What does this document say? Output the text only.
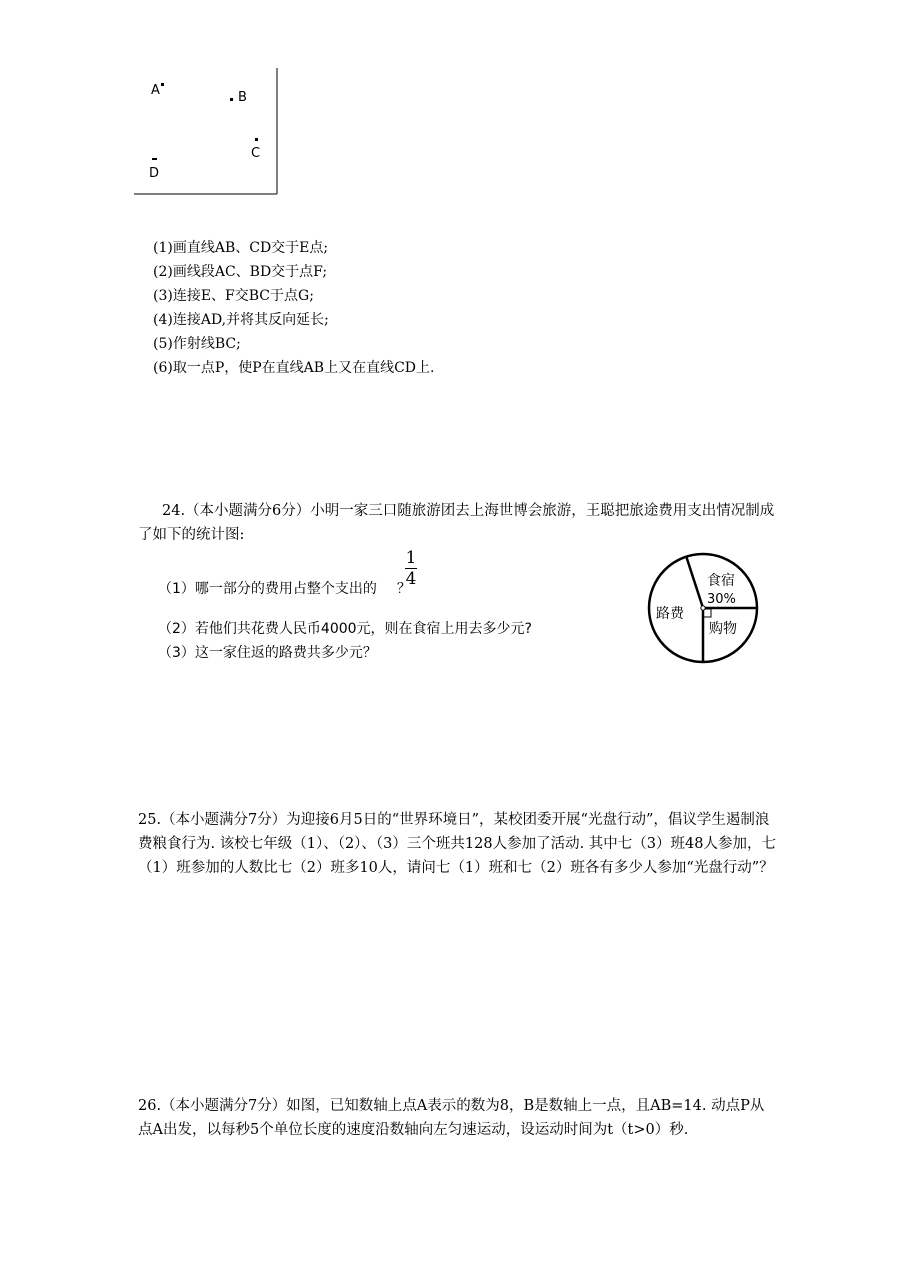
A	B
C
D
(1)画直线AB、CD交于E点;
(2)画线段AC、BD交于点F;
(3)连接E、F交BC于点G;
(4)连接AD,并将其反向延长;
(5)作射线BC;
(6)取一点P，使P在直线AB上又在直线CD上.
24.（本小题满分6分）小明一家三口随旅游团去上海世博会旅游，王聪把旅途费用支出情况制成了如下的统计图:
（1）哪一部分的费用占整个支出的 ？
1
4
（2）若他们共花费人民币4000元，则在食宿上用去多少元?
（3）这一家住返的路费共多少元？
食宿
30%
购物
路费
25.（本小题满分7分）为迎接6月5日的“世界环境日”，某校团委开展“光盘行动”，倡议学生遏制浪费粮食行为. 该校七年级（1）、（2）、（3）三个班共128人参加了活动. 其中七（3）班48人参加，七（1）班参加的人数比七（2）班多10人，请问七（1）班和七（2）班各有多少人参加“光盘行动”？
26.（本小题满分7分）如图，已知数轴上点A表示的数为8，B是数轴上一点，且AB=14. 动点P从点A出发，以每秒5个单位长度的速度沿数轴向左匀速运动，设运动时间为t（t>0）秒.
